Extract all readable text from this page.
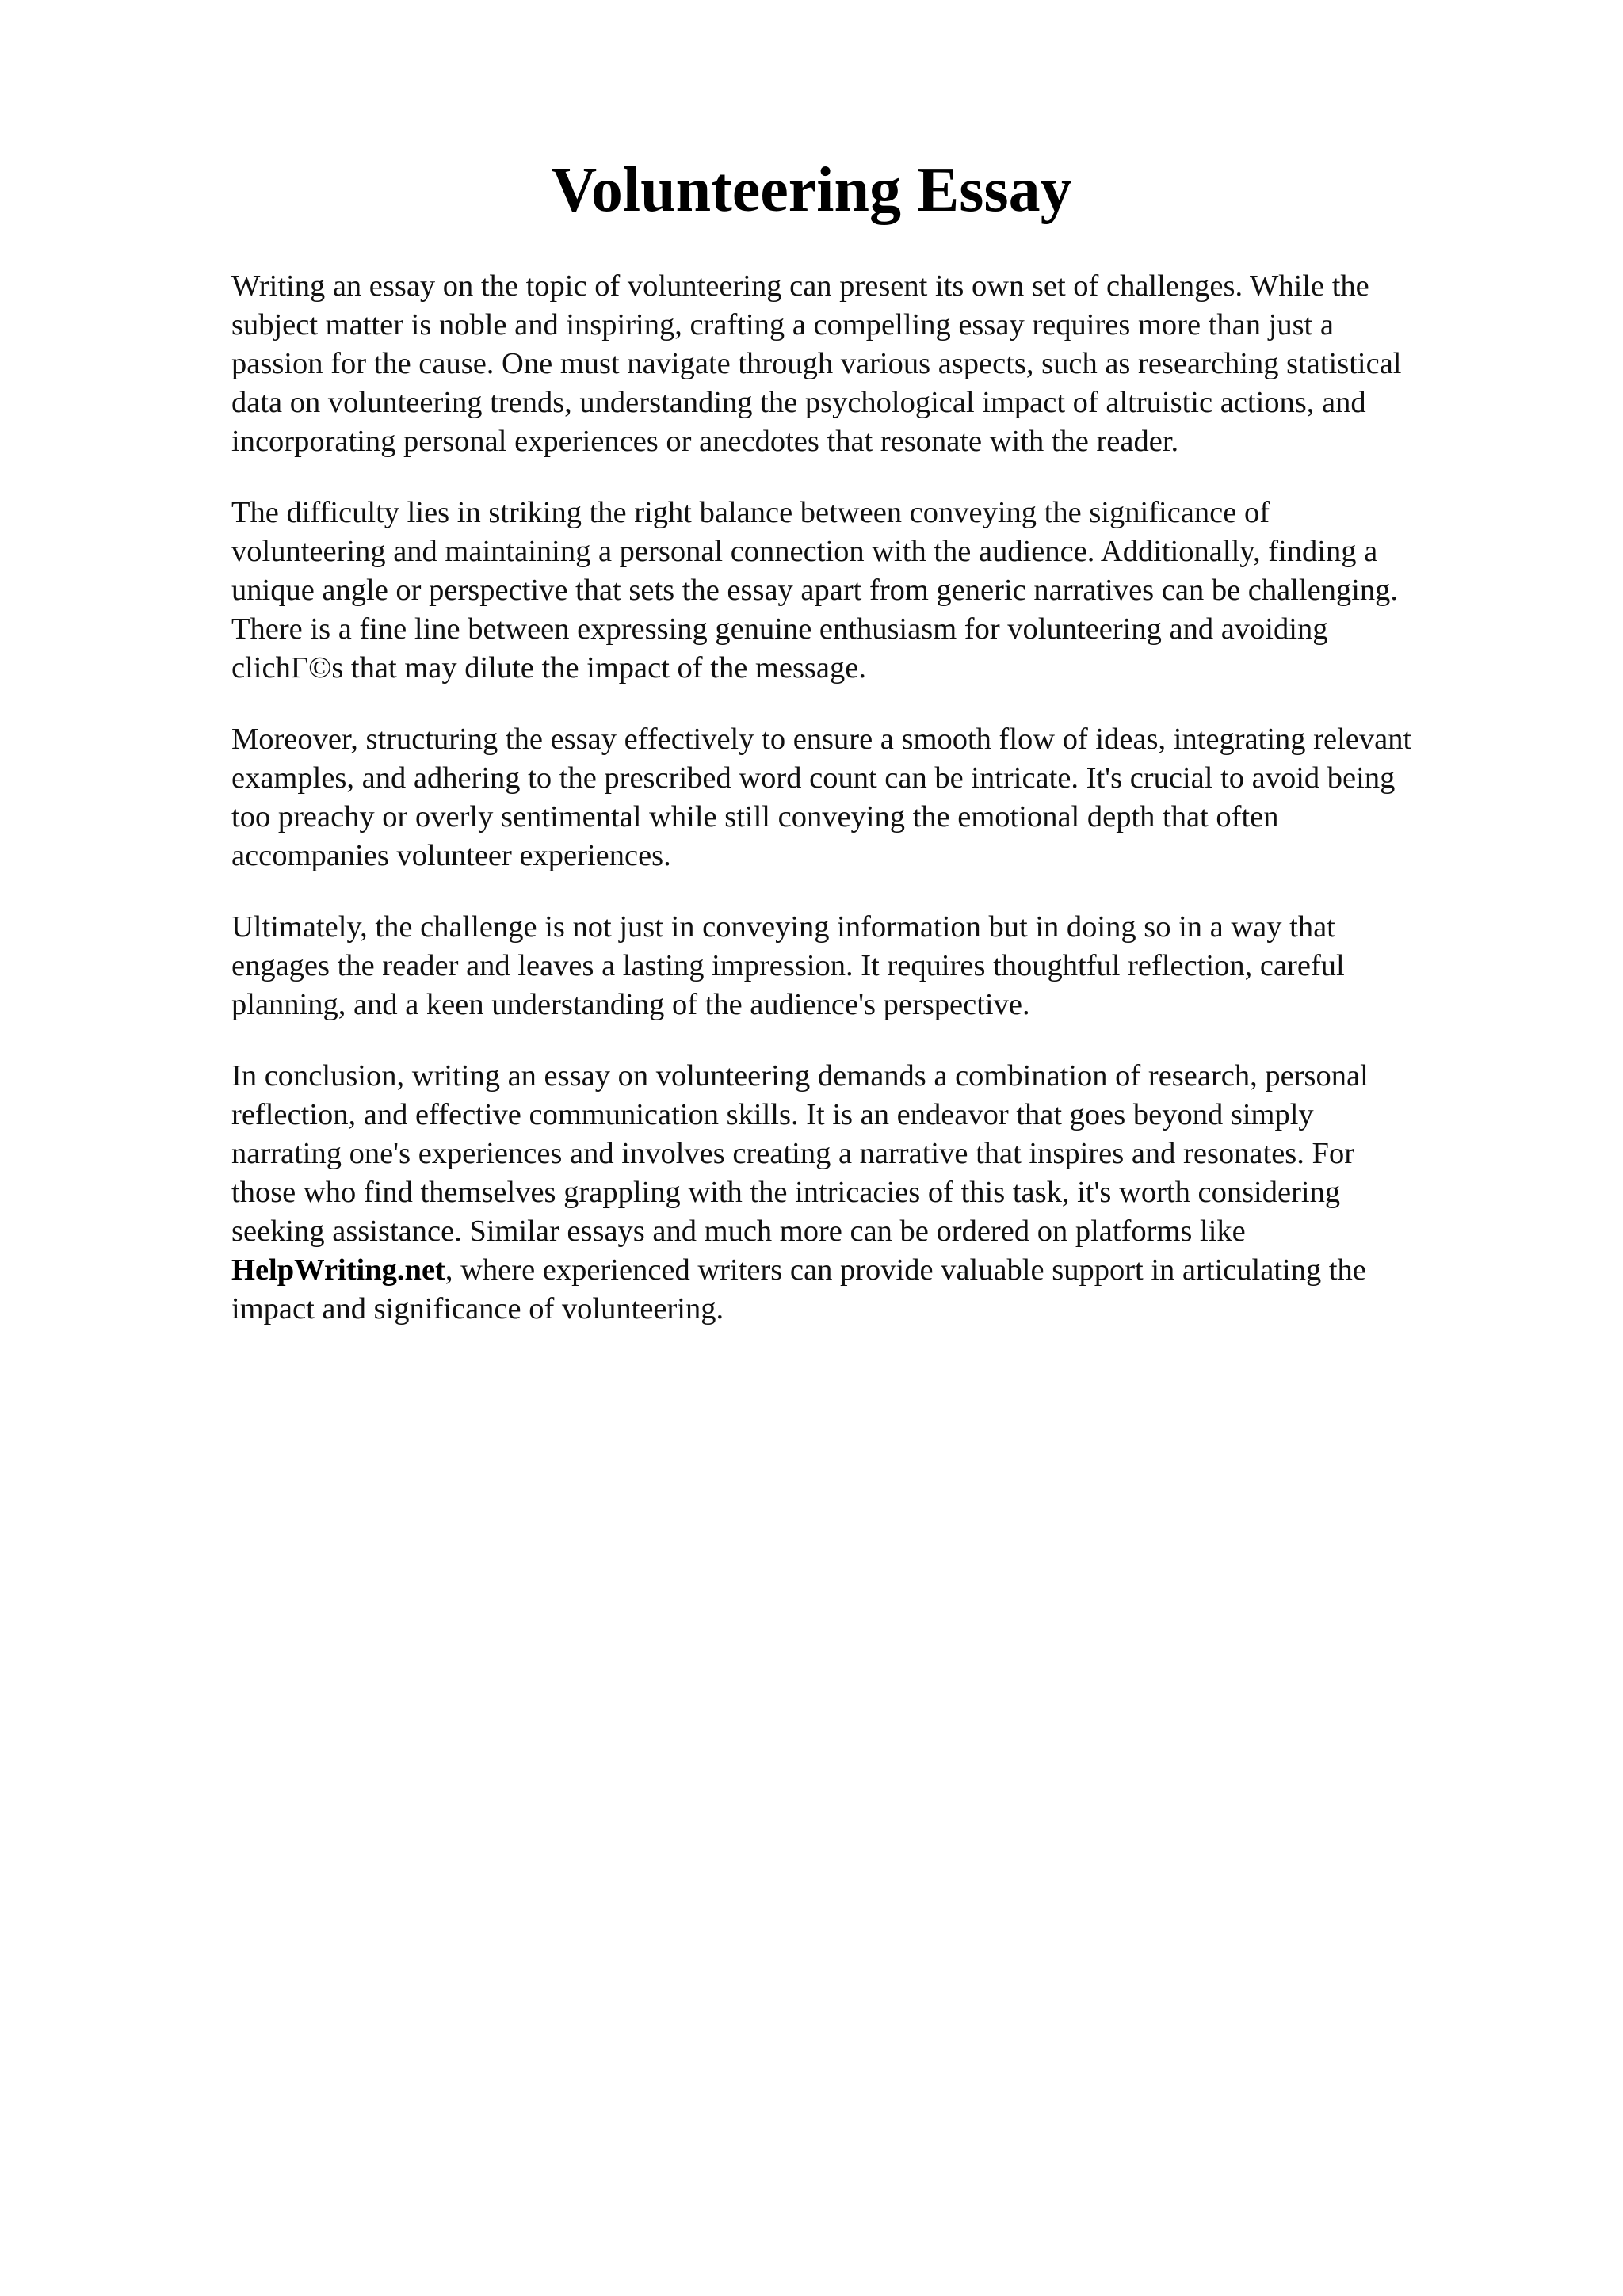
Volunteering Essay

Writing an essay on the topic of volunteering can present its own set of challenges. While the
subject matter is noble and inspiring, crafting a compelling essay requires more than just a
passion for the cause. One must navigate through various aspects, such as researching statistical
data on volunteering trends, understanding the psychological impact of altruistic actions, and
incorporating personal experiences or anecdotes that resonate with the reader.

The difficulty lies in striking the right balance between conveying the significance of
volunteering and maintaining a personal connection with the audience. Additionally, finding a
unique angle or perspective that sets the essay apart from generic narratives can be challenging.
There is a fine line between expressing genuine enthusiasm for volunteering and avoiding
clichΓ©s that may dilute the impact of the message.

Moreover, structuring the essay effectively to ensure a smooth flow of ideas, integrating relevant
examples, and adhering to the prescribed word count can be intricate. It's crucial to avoid being
too preachy or overly sentimental while still conveying the emotional depth that often
accompanies volunteer experiences.

Ultimately, the challenge is not just in conveying information but in doing so in a way that
engages the reader and leaves a lasting impression. It requires thoughtful reflection, careful
planning, and a keen understanding of the audience's perspective.

In conclusion, writing an essay on volunteering demands a combination of research, personal
reflection, and effective communication skills. It is an endeavor that goes beyond simply
narrating one's experiences and involves creating a narrative that inspires and resonates. For
those who find themselves grappling with the intricacies of this task, it's worth considering
seeking assistance. Similar essays and much more can be ordered on platforms like
HelpWriting.net, where experienced writers can provide valuable support in articulating the
impact and significance of volunteering.
